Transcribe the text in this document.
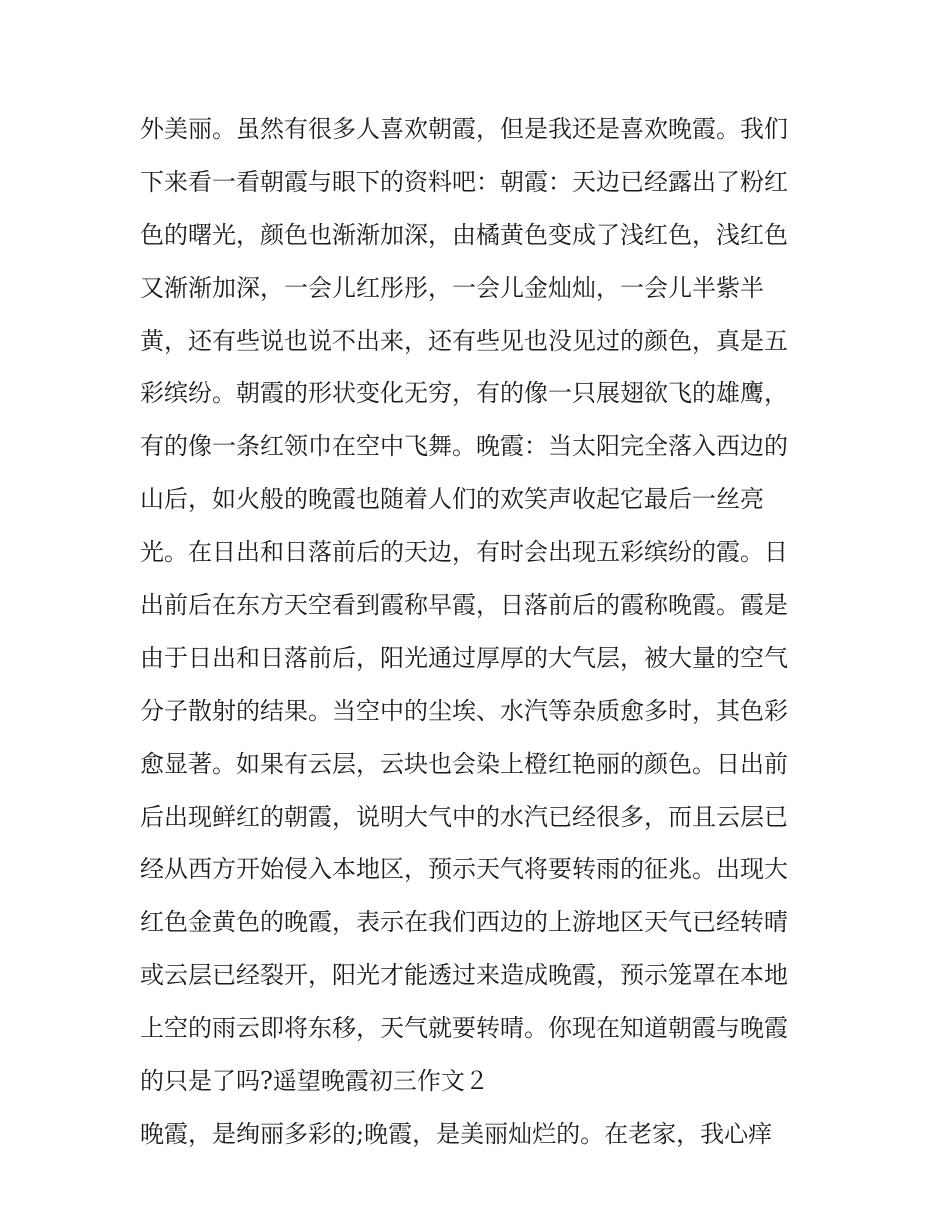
外美丽。虽然有很多人喜欢朝霞，但是我还是喜欢晚霞。我们
下来看一看朝霞与眼下的资料吧：朝霞：天边已经露出了粉红
色的曙光，颜色也渐渐加深，由橘黄色变成了浅红色，浅红色
又渐渐加深，一会儿红彤彤，一会儿金灿灿，一会儿半紫半
黄，还有些说也说不出来，还有些见也没见过的颜色，真是五
彩缤纷。朝霞的形状变化无穷，有的像一只展翅欲飞的雄鹰，
有的像一条红领巾在空中飞舞。晚霞：当太阳完全落入西边的
山后，如火般的晚霞也随着人们的欢笑声收起它最后一丝亮
光。在日出和日落前后的天边，有时会出现五彩缤纷的霞。日
出前后在东方天空看到霞称早霞，日落前后的霞称晚霞。霞是
由于日出和日落前后，阳光通过厚厚的大气层，被大量的空气
分子散射的结果。当空中的尘埃、水汽等杂质愈多时，其色彩
愈显著。如果有云层，云块也会染上橙红艳丽的颜色。日出前
后出现鲜红的朝霞，说明大气中的水汽已经很多，而且云层已
经从西方开始侵入本地区，预示天气将要转雨的征兆。出现大
红色金黄色的晚霞，表示在我们西边的上游地区天气已经转晴
或云层已经裂开，阳光才能透过来造成晚霞，预示笼罩在本地
上空的雨云即将东移，天气就要转晴。你现在知道朝霞与晚霞
的只是了吗?遥望晚霞初三作文２
晚霞，是绚丽多彩的;晚霞，是美丽灿烂的。在老家，我心痒
